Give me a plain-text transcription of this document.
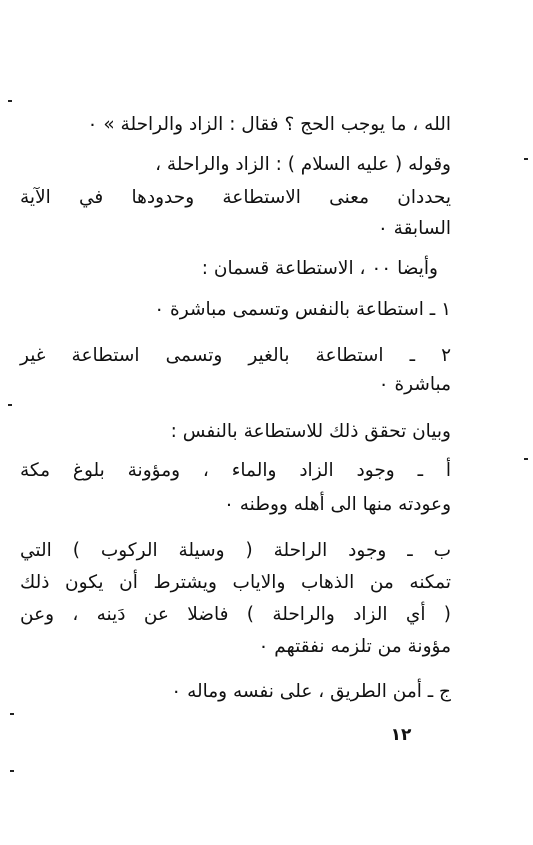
الله ، ما يوجب الحج ؟ فقال : الزاد والراحلة » ٠
وقوله ( عليه السلام ) : الزاد والراحلة ،
يحددان معنى الاستطاعة وحدودها في الآية
السابقة ٠
وأيضا ٠٠ ، الاستطاعة قسمان :
١ ـ استطاعة بالنفس وتسمى مباشرة ٠
٢ ـ استطاعة بالغير وتسمى استطاعة غير
مباشرة ٠
وبيان تحقق ذلك للاستطاعة بالنفس :
أ ـ وجود الزاد والماء ، ومؤونة بلوغ مكة
وعودته منها الى أهله ووطنه ٠
ب ـ وجود الراحلة ( وسيلة الركوب ) التي
تمكنه من الذهاب والاياب ويشترط أن يكون ذلك
( أي الزاد والراحلة ) فاضلا عن دَينه ، وعن
مؤونة من تلزمه نفقتهم ٠
ج ـ أمن الطريق ، على نفسه وماله ٠
١٢
